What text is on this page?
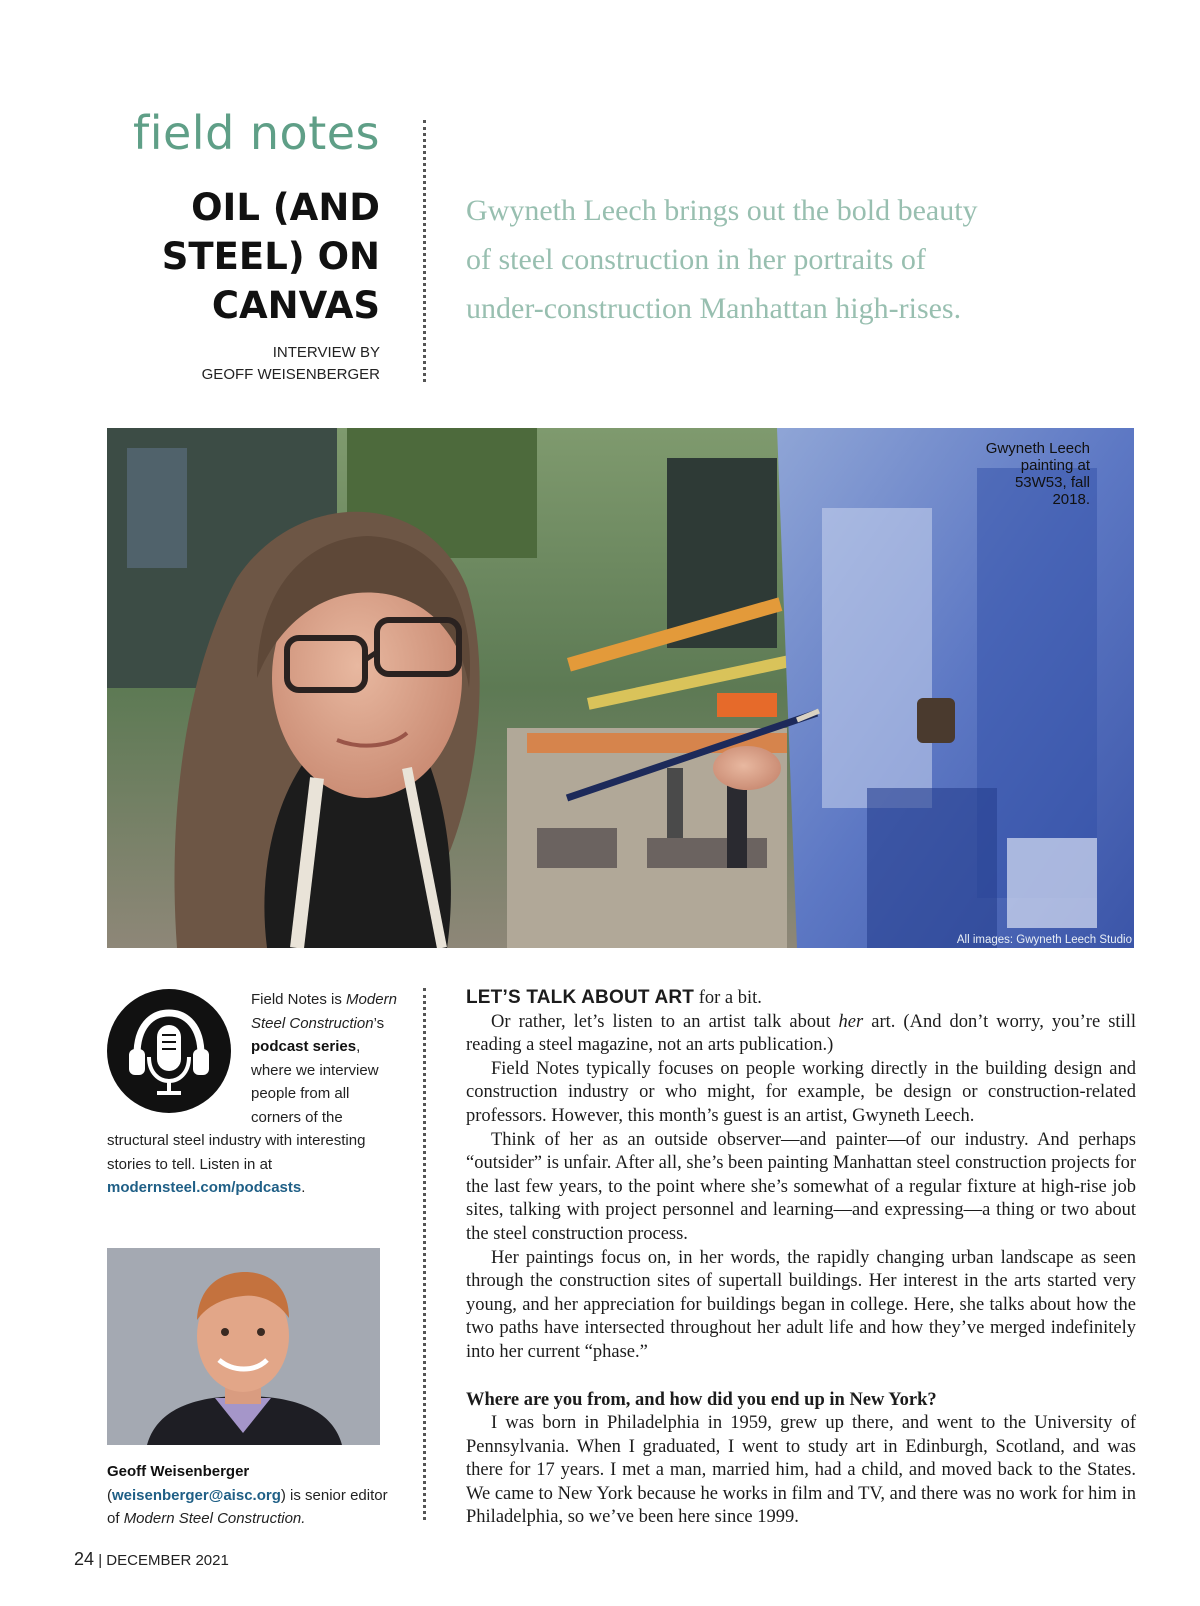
field notes
OIL (AND
STEEL) ON
CANVAS
INTERVIEW BY
GEOFF WEISENBERGER
Gwyneth Leech brings out the bold beauty
of steel construction in her portraits of
under-construction Manhattan high-rises.
Gwyneth Leech
painting at
53W53, fall
2018.
All images: Gwyneth Leech Studio
Field Notes is Modern Steel Construction’s podcast series, where we interview people from all corners of the structural steel industry with interesting stories to tell. Listen in at modernsteel.com/podcasts.
Geoff Weisenberger
(weisenberger@aisc.org) is senior editor of Modern Steel Construction.

LET’S TALK ABOUT ART for a bit.

Or rather, let’s listen to an artist talk about her art. (And don’t worry, you’re still reading a steel magazine, not an arts publication.)

Field Notes typically focuses on people working directly in the building design and construction industry or who might, for example, be design or construction-related professors. However, this month’s guest is an artist, Gwyneth Leech.

Think of her as an outside observer—and painter—of our industry. And perhaps “outsider” is unfair. After all, she’s been painting Manhattan steel construction projects for the last few years, to the point where she’s somewhat of a regular fixture at high-rise job sites, talking with project personnel and learning—and expressing—a thing or two about the steel construction process.

Her paintings focus on, in her words, the rapidly changing urban landscape as seen through the construction sites of supertall buildings. Her interest in the arts started very young, and her appreciation for buildings began in college. Here, she talks about how the two paths have intersected throughout her adult life and how they’ve merged indefinitely into her current “phase.”

Where are you from, and how did you end up in New York?

I was born in Philadelphia in 1959, grew up there, and went to the University of Pennsylvania. When I graduated, I went to study art in Edinburgh, Scotland, and was there for 17 years. I met a man, married him, had a child, and moved back to the States. We came to New York because he works in film and TV, and there was no work for him in Philadelphia, so we’ve been here since 1999.

24 | DECEMBER 2021
